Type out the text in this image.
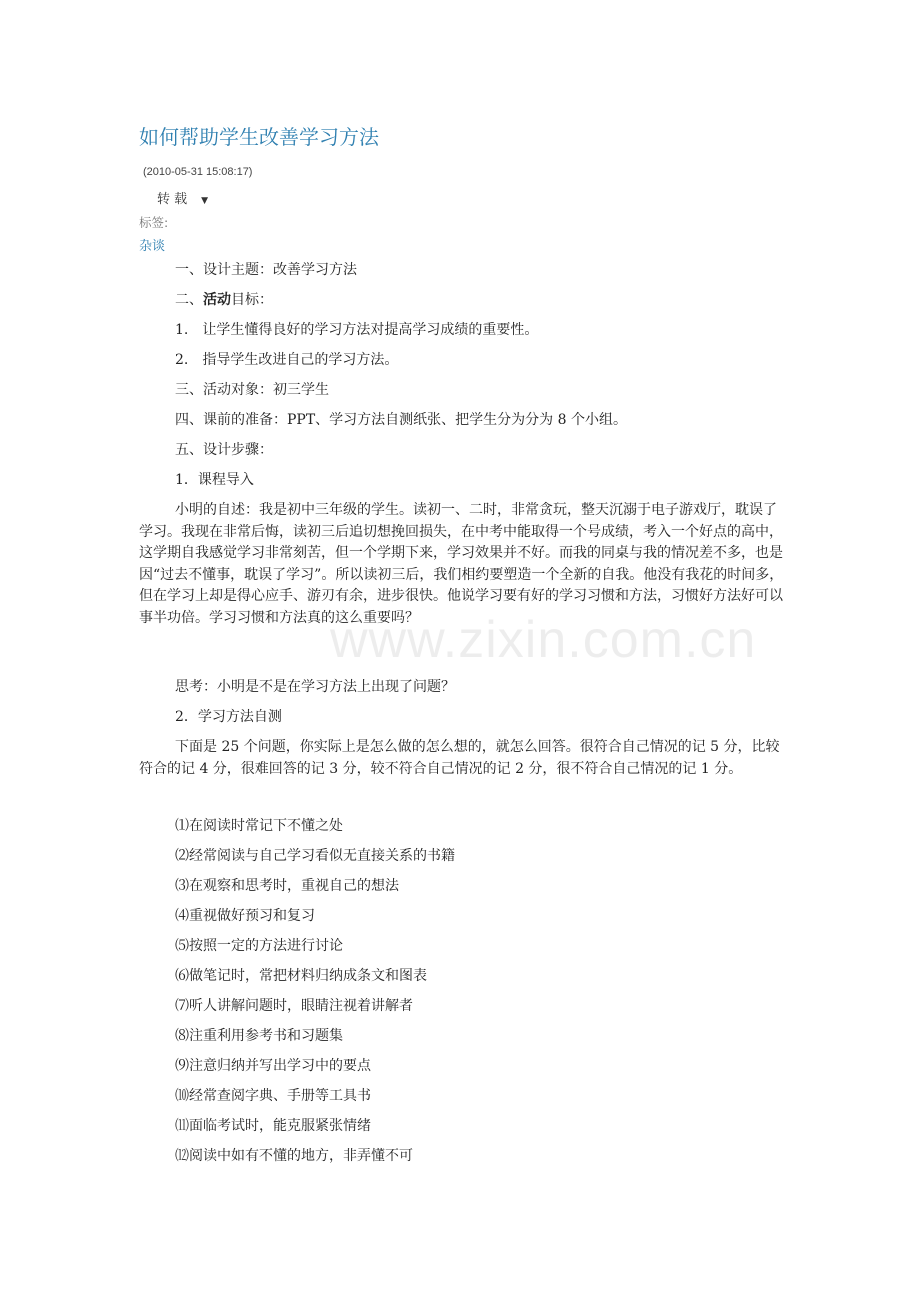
如何帮助学生改善学习方法
(2010-05-31 15:08:17)
转 载 ▼
标签:
杂谈
一、设计主题：改善学习方法
二、活动目标：
1.　让学生懂得良好的学习方法对提高学习成绩的重要性。
2.　指导学生改进自己的学习方法。
三、活动对象：初三学生
四、课前的准备：PPT、学习方法自测纸张、把学生分为分为 8 个小组。
五、设计步骤：
1．课程导入
小明的自述：我是初中三年级的学生。读初一、二时，非常贪玩，整天沉溺于电子游戏厅，耽误了学习。我现在非常后悔，读初三后追切想挽回损失，在中考中能取得一个号成绩，考入一个好点的高中，这学期自我感觉学习非常刻苦，但一个学期下来，学习效果并不好。而我的同桌与我的情况差不多，也是因“过去不懂事，耽误了学习”。所以读初三后，我们相约要塑造一个全新的自我。他没有我花的时间多，但在学习上却是得心应手、游刃有余，进步很快。他说学习要有好的学习习惯和方法，习惯好方法好可以事半功倍。学习习惯和方法真的这么重要吗？
思考：小明是不是在学习方法上出现了问题？
2．学习方法自测
下面是 25 个问题，你实际上是怎么做的怎么想的，就怎么回答。很符合自己情况的记 5 分，比较符合的记 4 分，很难回答的记 3 分，较不符合自己情况的记 2 分，很不符合自己情况的记 1 分。
⑴在阅读时常记下不懂之处
⑵经常阅读与自己学习看似无直接关系的书籍
⑶在观察和思考时，重视自己的想法
⑷重视做好预习和复习
⑸按照一定的方法进行讨论
⑹做笔记时，常把材料归纳成条文和图表
⑺听人讲解问题时，眼睛注视着讲解者
⑻注重利用参考书和习题集
⑼注意归纳并写出学习中的要点
⑽经常查阅字典、手册等工具书
⑾面临考试时，能克服紧张情绪
⑿阅读中如有不懂的地方，非弄懂不可
www.zixin.com.cn
